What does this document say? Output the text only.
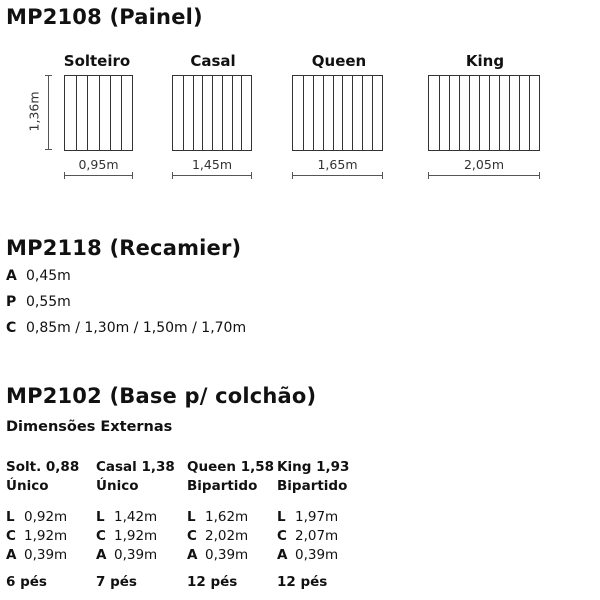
MP2108 (Painel)
1,36m
Solteiro
0,95m
Casal
1,45m
Queen
1,65m
King
2,05m
MP2118 (Recamier)
A 0,45m
P 0,55m
C 0,85m / 1,30m / 1,50m / 1,70m
MP2102 (Base p/ colchão)
Dimensões Externas
Solt. 0,88
Único
L 0,92m
C 1,92m
A 0,39m
6 pés
Casal 1,38
Único
L 1,42m
C 1,92m
A 0,39m
7 pés
Queen 1,58
Bipartido
L 1,62m
C 2,02m
A 0,39m
12 pés
King 1,93
Bipartido
L 1,97m
C 2,07m
A 0,39m
12 pés
